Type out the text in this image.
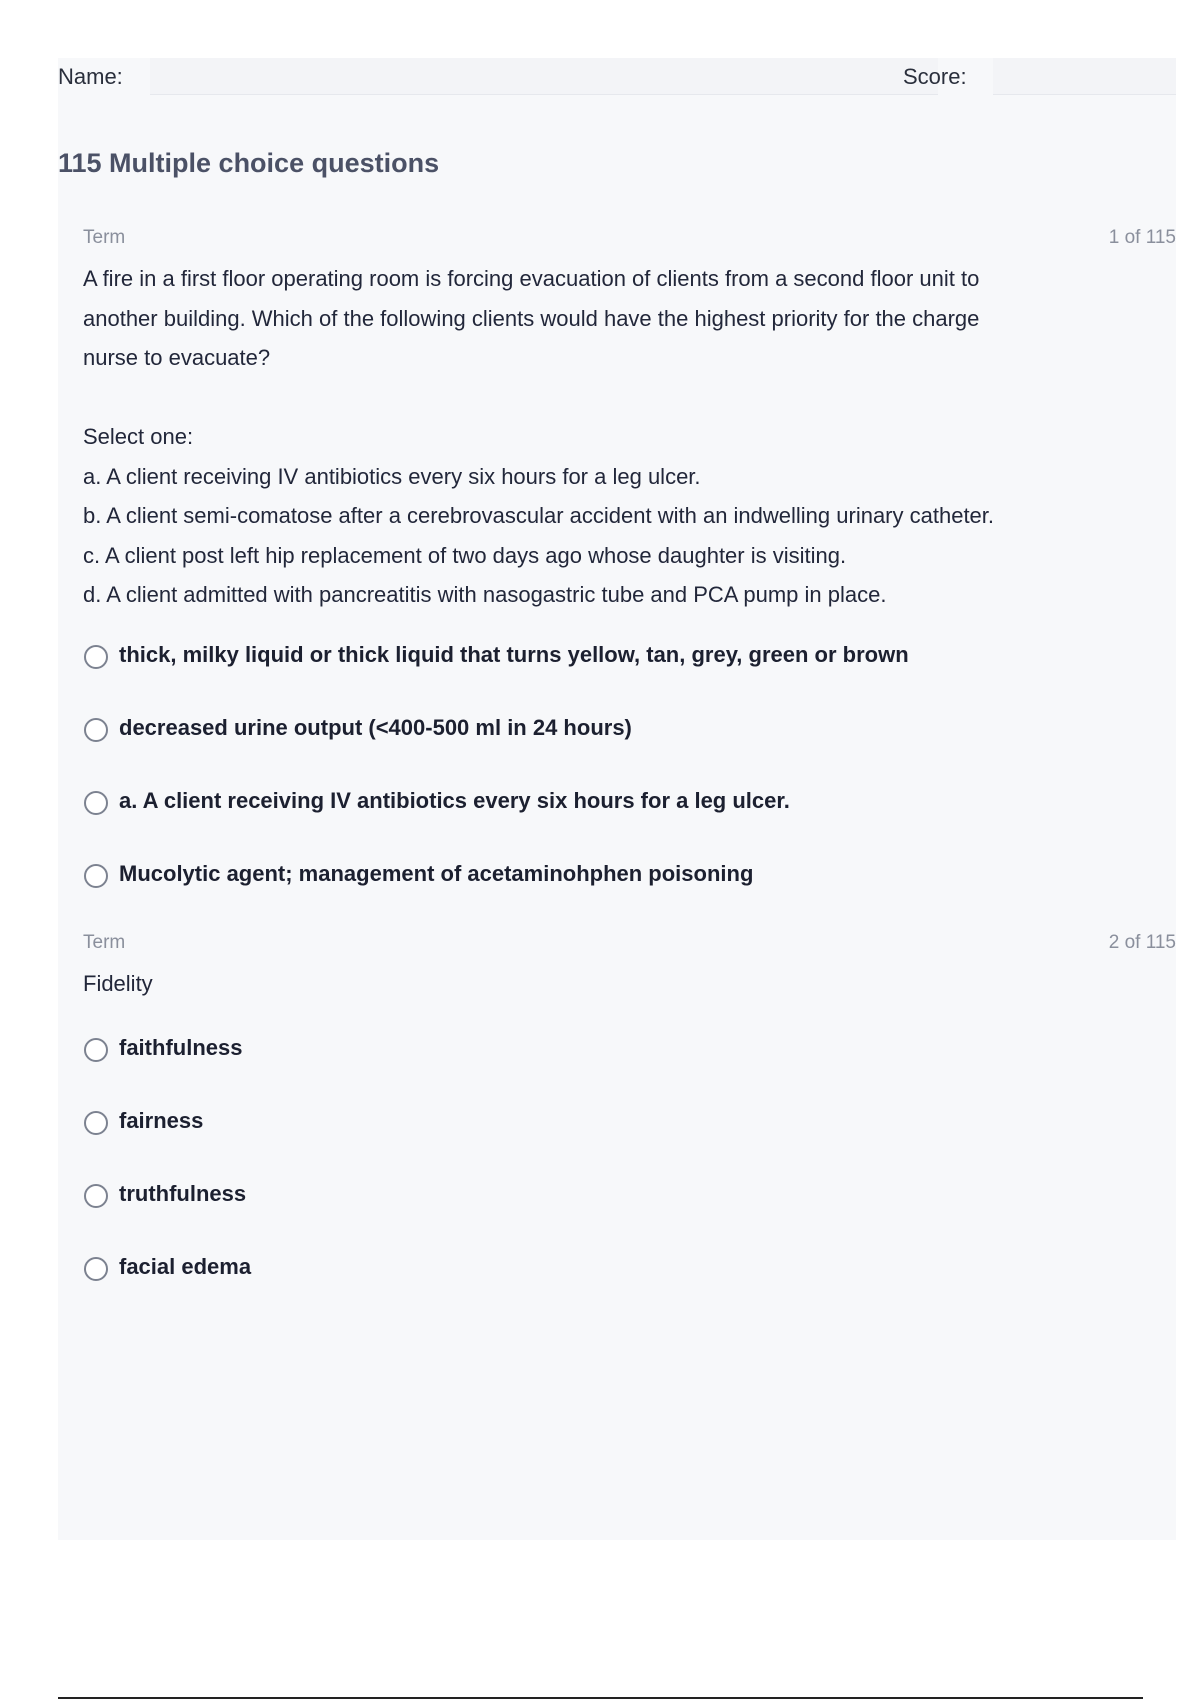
Name:	Score:
115 Multiple choice questions
Term	1 of 115
A fire in a first floor operating room is forcing evacuation of clients from a second floor unit to
another building. Which of the following clients would have the highest priority for the charge
nurse to evacuate?
Select one:
a. A client receiving IV antibiotics every six hours for a leg ulcer.
b. A client semi-comatose after a cerebrovascular accident with an indwelling urinary catheter.
c. A client post left hip replacement of two days ago whose daughter is visiting.
d. A client admitted with pancreatitis with nasogastric tube and PCA pump in place.
thick, milky liquid or thick liquid that turns yellow, tan, grey, green or brown
decreased urine output (<400-500 ml in 24 hours)
a. A client receiving IV antibiotics every six hours for a leg ulcer.
Mucolytic agent; management of acetaminohphen poisoning
Term	2 of 115
Fidelity
faithfulness
fairness
truthfulness
facial edema
